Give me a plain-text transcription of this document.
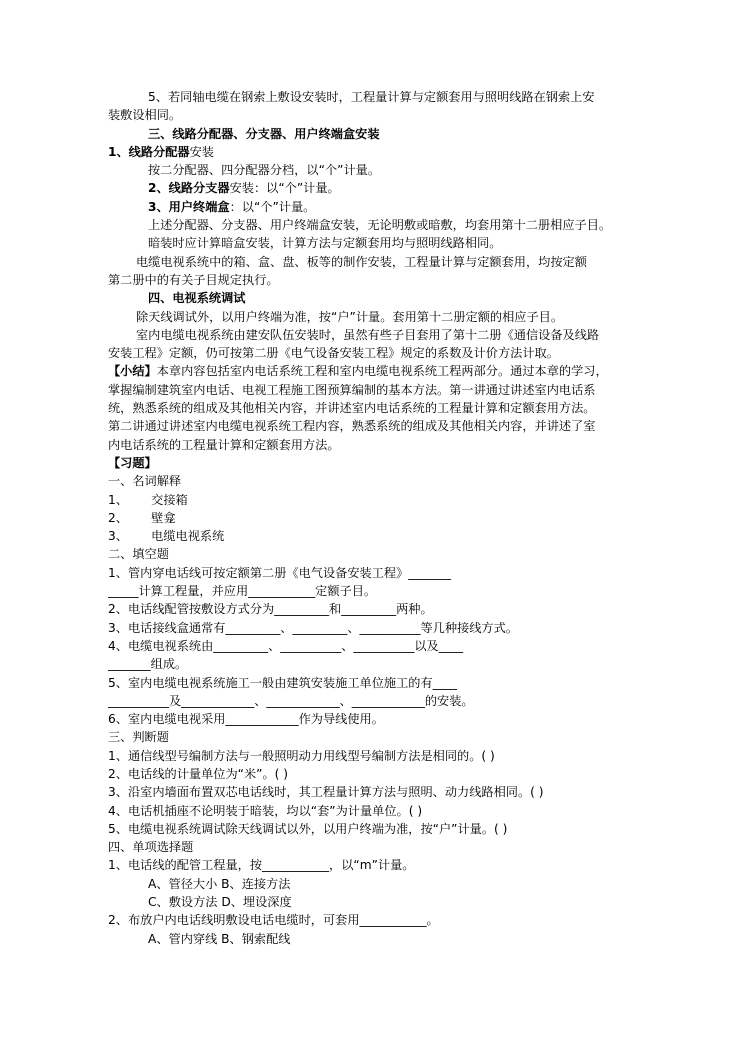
5、若同轴电缆在钢索上敷设安装时，工程量计算与定额套用与照明线路在钢索上安
装敷设相同。
三、线路分配器、分支器、用户终端盒安装
1、线路分配器安装
按二分配器、四分配器分档，以“个”计量。
2、线路分支器安装：以“个”计量。
3、用户终端盒：以“个”计量。
上述分配器、分支器、用户终端盒安装，无论明敷或暗敷，均套用第十二册相应子目。
暗装时应计算暗盒安装，计算方法与定额套用均与照明线路相同。
电缆电视系统中的箱、盒、盘、板等的制作安装，工程量计算与定额套用，均按定额
第二册中的有关子目规定执行。
四、电视系统调试
除天线调试外，以用户终端为准，按“户”计量。套用第十二册定额的相应子目。
室内电缆电视系统由建安队伍安装时，虽然有些子目套用了第十二册《通信设备及线路
安装工程》定额，仍可按第二册《电气设备安装工程》规定的系数及计价方法计取。
【小结】本章内容包括室内电话系统工程和室内电缆电视系统工程两部分。通过本章的学习，
掌握编制建筑室内电话、电视工程施工图预算编制的基本方法。第一讲通过讲述室内电话系
统，熟悉系统的组成及其他相关内容，并讲述室内电话系统的工程量计算和定额套用方法。
第二讲通过讲述室内电缆电视系统工程内容，熟悉系统的组成及其他相关内容，并讲述了室
内电话系统的工程量计算和定额套用方法。
【习题】
一、名词解释
1、      交接箱
2、      壁龛
3、      电缆电视系统
二、填空题
1、管内穿电话线可按定额第二册《电气设备安装工程》_______
_____计算工程量，并应用___________定额子目。
2、电话线配管按敷设方式分为_________和_________两种。
3、电话接线盒通常有_________、_________、__________等几种接线方式。
4、电缆电视系统由_________、__________、__________以及____
_______组成。
5、室内电缆电视系统施工一般由建筑安装施工单位施工的有____
__________及____________、____________、____________的安装。
6、室内电缆电视采用____________作为导线使用。
三、判断题
1、通信线型号编制方法与一般照明动力用线型号编制方法是相同的。( )
2、电话线的计量单位为“米”。( )
3、沿室内墙面布置双芯电话线时，其工程量计算方法与照明、动力线路相同。( )
4、电话机插座不论明装于暗装，均以“套”为计量单位。( )
5、电缆电视系统调试除天线调试以外，以用户终端为准，按“户”计量。( )
四、单项选择题
1、电话线的配管工程量，按___________，以“m”计量。
A、管径大小 B、连接方法
C、敷设方法 D、埋设深度
2、布放户内电话线明敷设电话电缆时，可套用___________。
A、管内穿线 B、钢索配线
